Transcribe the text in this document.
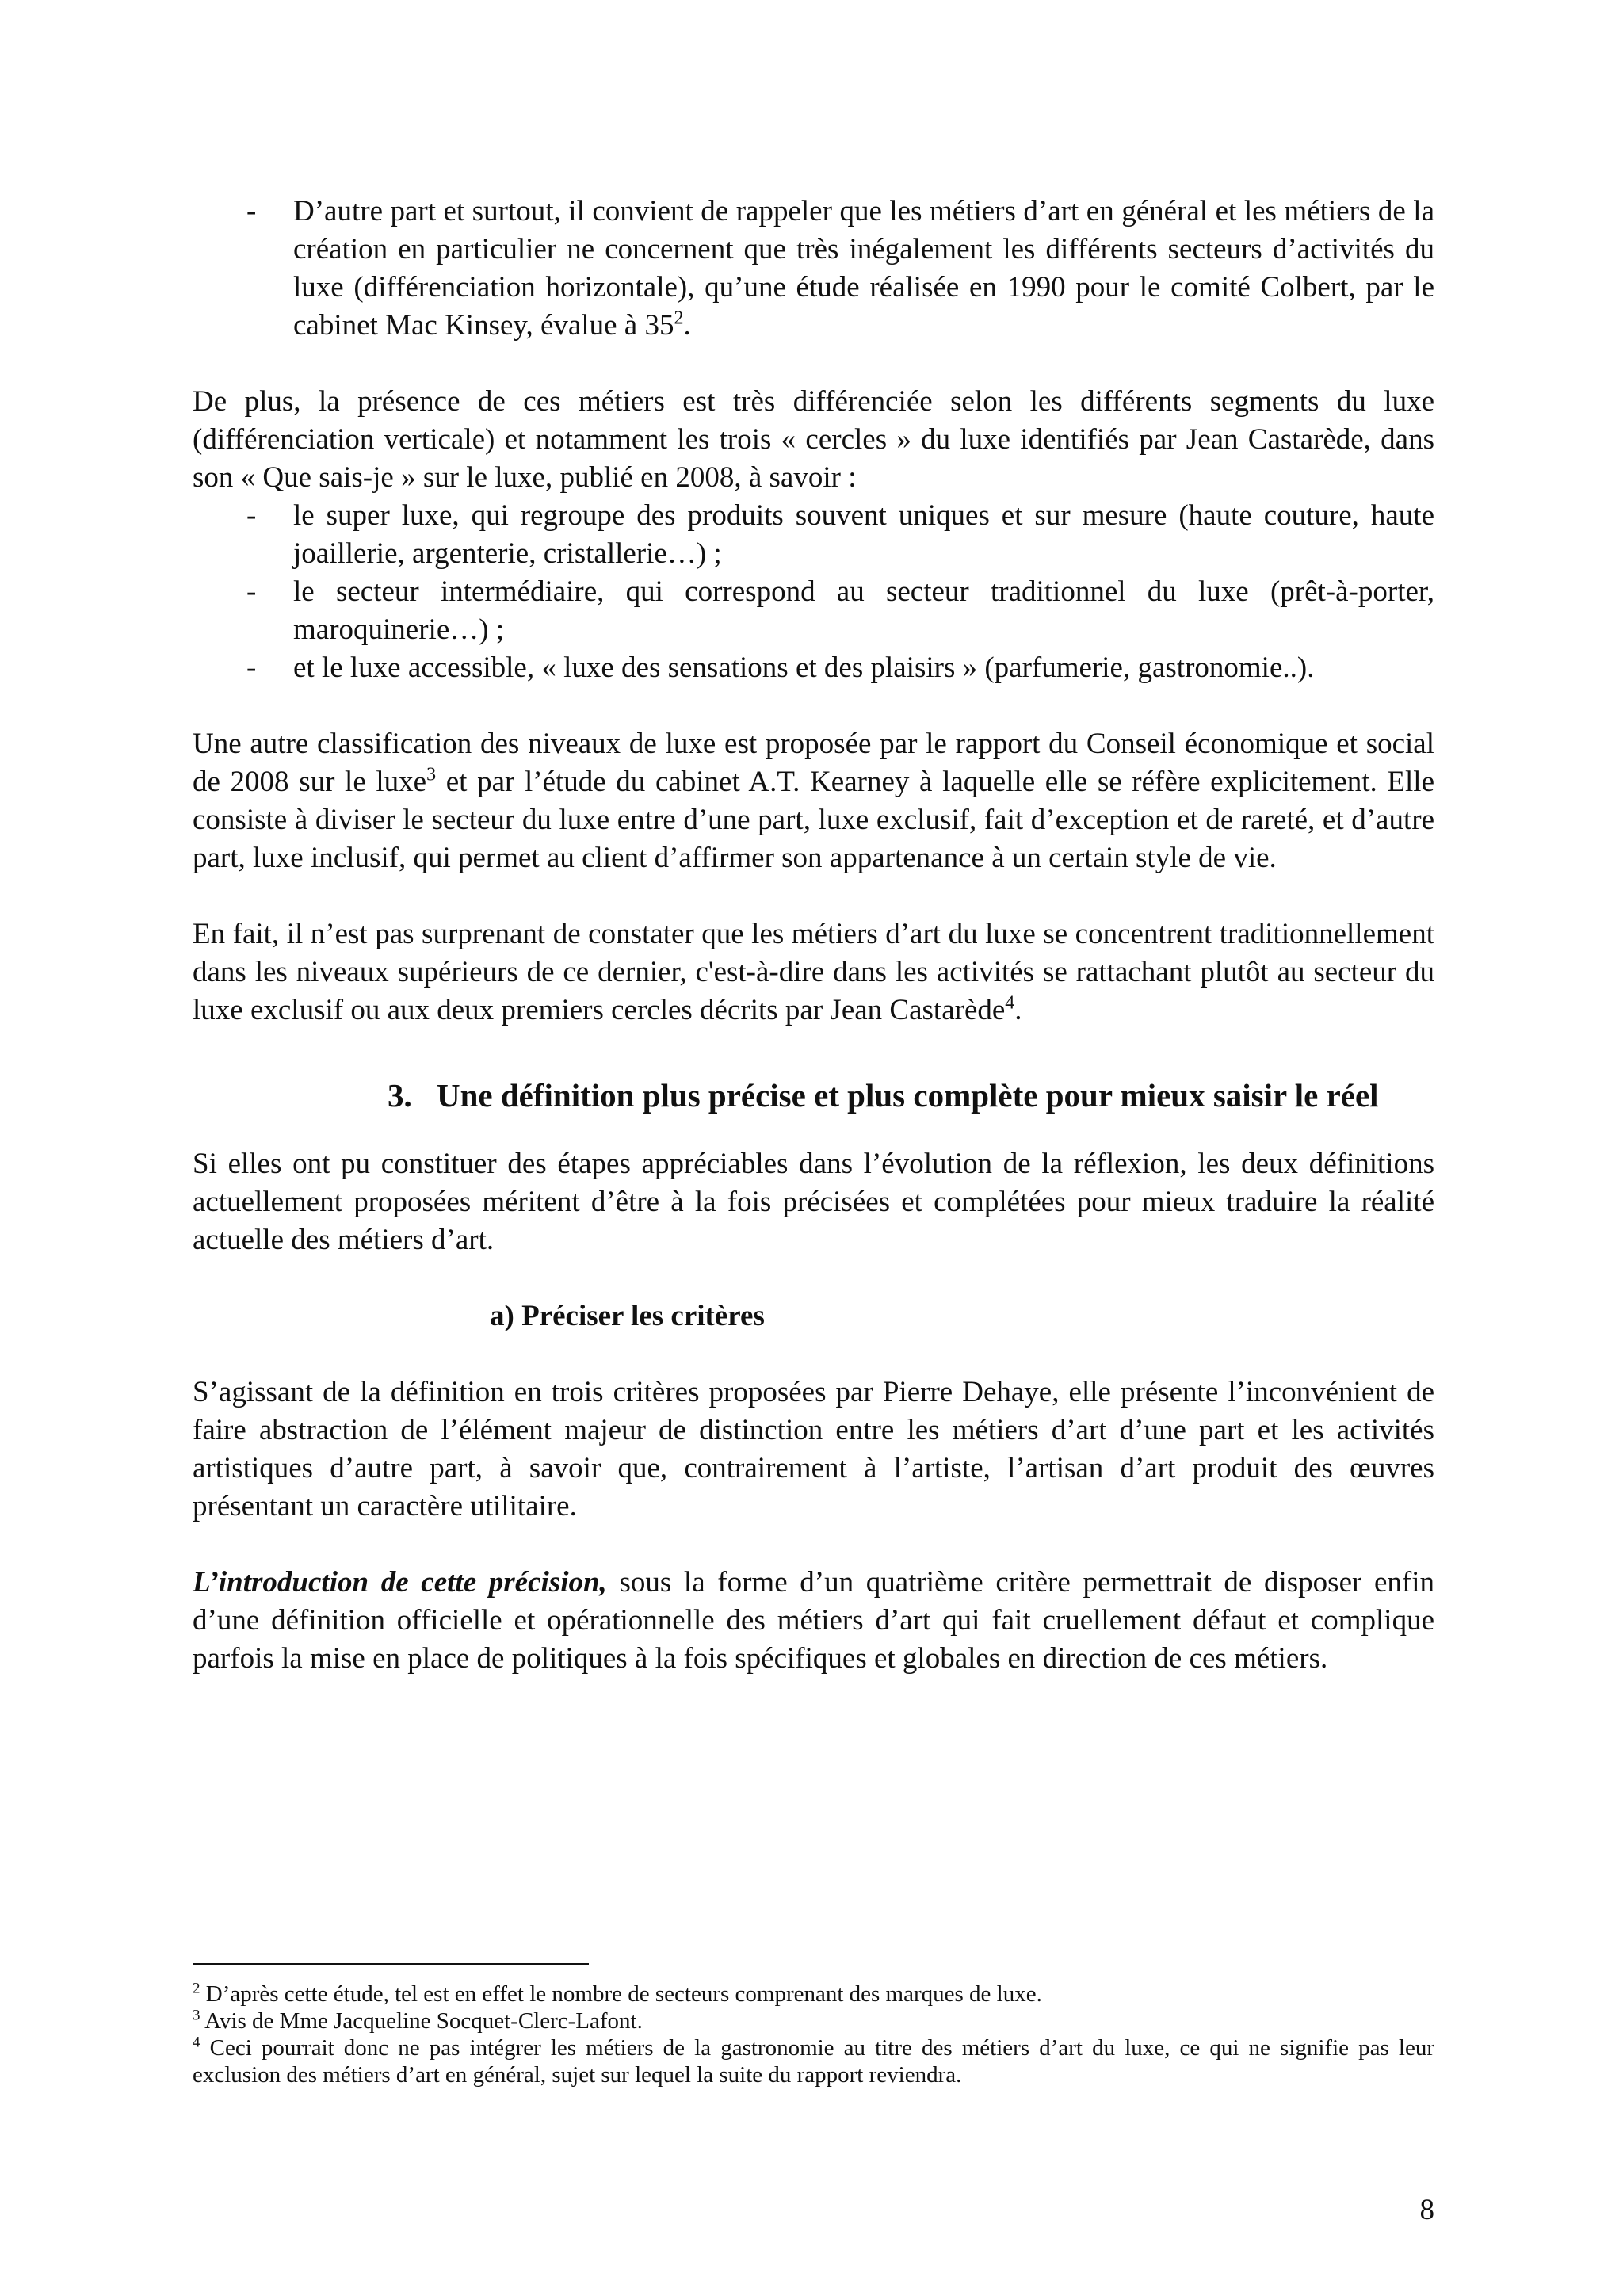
- D’autre part et surtout, il convient de rappeler que les métiers d’art en général et les métiers de la création en particulier ne concernent que très inégalement les différents secteurs d’activités du luxe (différenciation horizontale), qu’une étude réalisée en 1990 pour le comité Colbert, par le cabinet Mac Kinsey, évalue à $35^2$.

De plus, la présence de ces métiers est très différenciée selon les différents segments du luxe (différenciation verticale) et notamment les trois « cercles » du luxe identifiés par Jean Castarède, dans son « Que sais-je » sur le luxe, publié en 2008, à savoir :

- le super luxe, qui regroupe des produits souvent uniques et sur mesure (haute couture, haute joaillerie, argenterie, cristallerie…) ;
- le secteur intermédiaire, qui correspond au secteur traditionnel du luxe (prêt-à-porter, maroquinerie…) ;
- et le luxe accessible, « luxe des sensations et des plaisirs » (parfumerie, gastronomie..).

Une autre classification des niveaux de luxe est proposée par le rapport du Conseil économique et social de 2008 sur le luxe$^3$ et par l’étude du cabinet A.T. Kearney à laquelle elle se réfère explicitement. Elle consiste à diviser le secteur du luxe entre d’une part, luxe exclusif, fait d’exception et de rareté, et d’autre part, luxe inclusif, qui permet au client d’affirmer son appartenance à un certain style de vie.

En fait, il n’est pas surprenant de constater que les métiers d’art du luxe se concentrent traditionnellement dans les niveaux supérieurs de ce dernier, c'est-à-dire dans les activités se rattachant plutôt au secteur du luxe exclusif ou aux deux premiers cercles décrits par Jean Castarède$^4$.

3. Une définition plus précise et plus complète pour mieux saisir le réel

Si elles ont pu constituer des étapes appréciables dans l’évolution de la réflexion, les deux définitions actuellement proposées méritent d’être à la fois précisées et complétées pour mieux traduire la réalité actuelle des métiers d’art.

a) Préciser les critères

S’agissant de la définition en trois critères proposées par Pierre Dehaye, elle présente l’inconvénient de faire abstraction de l’élément majeur de distinction entre les métiers d’art d’une part et les activités artistiques d’autre part, à savoir que, contrairement à l’artiste, l’artisan d’art produit des œuvres présentant un caractère utilitaire.

L’introduction de cette précision, sous la forme d’un quatrième critère permettrait de disposer enfin d’une définition officielle et opérationnelle des métiers d’art qui fait cruellement défaut et complique parfois la mise en place de politiques à la fois spécifiques et globales en direction de ces métiers.

$^2$ D’après cette étude, tel est en effet le nombre de secteurs comprenant des marques de luxe.

$^3$ Avis de Mme Jacqueline Socquet-Clerc-Lafont.

$^4$ Ceci pourrait donc ne pas intégrer les métiers de la gastronomie au titre des métiers d’art du luxe, ce qui ne signifie pas leur exclusion des métiers d’art en général, sujet sur lequel la suite du rapport reviendra.

8
